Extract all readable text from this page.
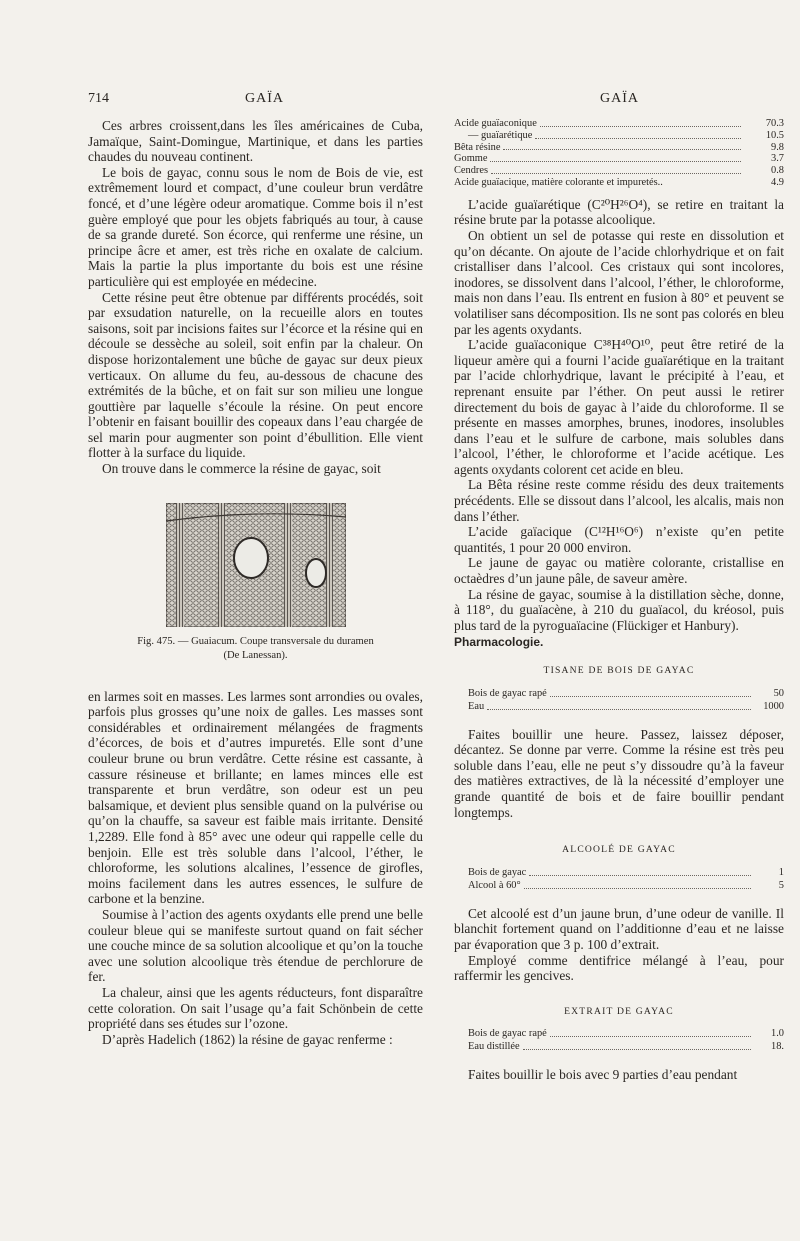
714	GAÏA	GAÏA

Ces arbres croissent,dans les îles américaines de Cuba, Jamaïque, Saint-Domingue, Martinique, et dans les parties chaudes du nouveau continent.

Le bois de gayac, connu sous le nom de Bois de vie, est extrêmement lourd et compact, d’une couleur brun verdâtre foncé, et d’une légère odeur aromatique. Comme bois il n’est guère employé que pour les objets fabriqués au tour, à cause de sa grande dureté. Son écorce, qui renferme une résine, un principe âcre et amer, est très riche en oxalate de calcium. Mais la partie la plus importante du bois est une résine particulière qui est employée en médecine.

Cette résine peut être obtenue par différents procédés, soit par exsudation naturelle, on la recueille alors en toutes saisons, soit par incisions faites sur l’écorce et la résine qui en découle se dessèche au soleil, soit enfin par la chaleur. On dispose horizontalement une bûche de gayac sur deux pieux verticaux. On allume du feu, au-dessous de chacune des extrémités de la bûche, et on fait sur son milieu une longue gouttière par laquelle s’écoule la résine. On peut encore l’obtenir en faisant bouillir des copeaux dans l’eau chargée de sel marin pour augmenter son point d’ébullition. Elle vient flotter à la surface du liquide.

On trouve dans le commerce la résine de gayac, soit

Fig. 475. — Guaiacum. Coupe transversale du duramen
(De Lanessan).

en larmes soit en masses. Les larmes sont arrondies ou ovales, parfois plus grosses qu’une noix de galles. Les masses sont considérables et ordinairement mélangées de fragments d’écorces, de bois et d’autres impuretés. Elle sont d’une couleur brune ou brun verdâtre. Cette résine est cassante, à cassure résineuse et brillante; en lames minces elle est transparente et brun verdâtre, son odeur est un peu balsamique, et devient plus sensible quand on la pulvérise ou qu’on la chauffe, sa saveur est faible mais irritante. Densité 1,2289. Elle fond à 85° avec une odeur qui rappelle celle du benjoin. Elle est très soluble dans l’alcool, l’éther, le chloroforme, les solutions alcalines, l’essence de girofles, moins facilement dans les autres essences, le sulfure de carbone et la benzine.

Soumise à l’action des agents oxydants elle prend une belle couleur bleue qui se manifeste surtout quand on fait sécher une couche mince de sa solution alcoolique et qu’on la touche avec une solution alcoolique très étendue de perchlorure de fer.

La chaleur, ainsi que les agents réducteurs, font disparaître cette coloration. On sait l’usage qu’a fait Schönbein de cette propriété dans ses études sur l’ozone.

D’après Hadelich (1862) la résine de gayac renferme :

Acide guaïaconique	70.3

— guaïarétique	10.5

Bêta résine	9.8

Gomme	3.7

Cendres	0.8

Acide guaïacique, matière colorante et impuretés..	4.9

L’acide guaïarétique (C²⁰H²⁶O⁴), se retire en traitant la résine brute par la potasse alcoolique.

On obtient un sel de potasse qui reste en dissolution et qu’on décante. On ajoute de l’acide chlorhydrique et on fait cristalliser dans l’alcool. Ces cristaux qui sont incolores, inodores, se dissolvent dans l’alcool, l’éther, le chloroforme, mais non dans l’eau. Ils entrent en fusion à 80° et peuvent se volatiliser sans décomposition. Ils ne sont pas colorés en bleu par les agents oxydants.

L’acide guaïaconique C³⁸H⁴⁰O¹⁰, peut être retiré de la liqueur amère qui a fourni l’acide guaïarétique en la traitant par l’acide chlorhydrique, lavant le précipité à l’eau, et reprenant ensuite par l’éther. On peut aussi le retirer directement du bois de gayac à l’aide du chloroforme. Il se présente en masses amorphes, brunes, inodores, insolubles dans l’eau et le sulfure de carbone, mais solubles dans l’alcool, l’éther, le chloroforme et l’acide acétique. Les agents oxydants colorent cet acide en bleu.

La Bêta résine reste comme résidu des deux traitements précédents. Elle se dissout dans l’alcool, les alcalis, mais non dans l’éther.

L’acide gaïacique (C¹²H¹⁶O⁶) n’existe qu’en petite quantités, 1 pour 20 000 environ.

Le jaune de gayac ou matière colorante, cristallise en octaèdres d’un jaune pâle, de saveur amère.

La résine de gayac, soumise à la distillation sèche, donne, à 118°, du guaïacène, à 210 du guaïacol, du kréosol, puis plus tard de la pyroguaïacine (Flückiger et Hanbury).

Pharmacologie.
TISANE DE BOIS DE GAYAC
Bois de gayac rapé	50
Eau	1000

Faites bouillir une heure. Passez, laissez déposer, décantez. Se donne par verre. Comme la résine est très peu soluble dans l’eau, elle ne peut s’y dissoudre qu’à la faveur des matières extractives, de là la nécessité d’employer une grande quantité de bois et de faire bouillir pendant longtemps.

ALCOOLÉ DE GAYAC
Bois de gayac	1
Alcool à 60°	5

Cet alcoolé est d’un jaune brun, d’une odeur de vanille. Il blanchit fortement quand on l’additionne d’eau et ne laisse par évaporation que 3 p. 100 d’extrait.

Employé comme dentifrice mélangé à l’eau, pour raffermir les gencives.

EXTRAIT DE GAYAC
Bois de gayac rapé	1.0
Eau distillée	18.

Faites bouillir le bois avec 9 parties d’eau pendant
